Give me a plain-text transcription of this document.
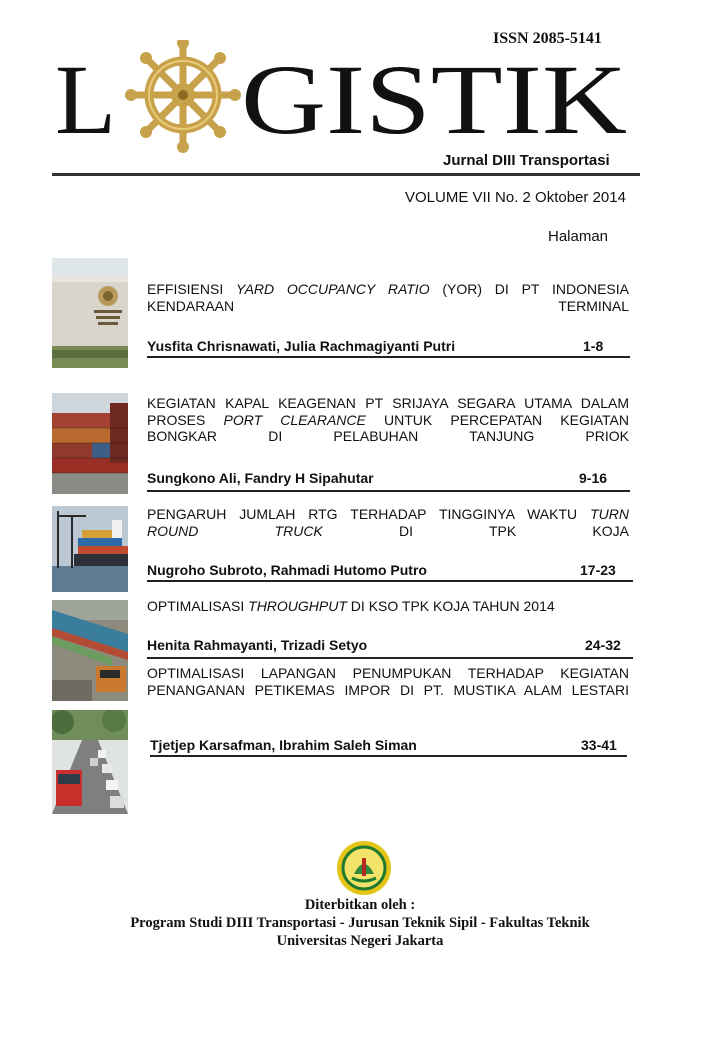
ISSN 2085-5141
L GISTIK
Jurnal DIII Transportasi
VOLUME VII No. 2 Oktober 2014
Halaman
EFFISIENSI YARD OCCUPANCY RATIO (YOR) DI PT INDONESIA KENDARAAN TERMINAL
Yusfita Chrisnawati, Julia Rachmagiyanti Putri	1-8
KEGIATAN KAPAL KEAGENAN PT SRIJAYA SEGARA UTAMA DALAM PROSES PORT CLEARANCE UNTUK PERCEPATAN KEGIATAN BONGKAR DI PELABUHAN TANJUNG PRIOK
Sungkono Ali, Fandry H Sipahutar	9-16
PENGARUH JUMLAH RTG TERHADAP TINGGINYA WAKTU TURN ROUND TRUCK DI TPK KOJA
Nugroho Subroto, Rahmadi Hutomo Putro	17-23
OPTIMALISASI THROUGHPUT DI KSO TPK KOJA TAHUN 2014
Henita Rahmayanti, Trizadi Setyo	24-32
OPTIMALISASI LAPANGAN PENUMPUKAN TERHADAP KEGIATAN PENANGANAN PETIKEMAS IMPOR DI PT. MUSTIKA ALAM LESTARI
Tjetjep Karsafman, Ibrahim Saleh Siman	33-41
Diterbitkan oleh :
Program Studi DIII Transportasi - Jurusan Teknik Sipil - Fakultas Teknik
Universitas Negeri Jakarta
